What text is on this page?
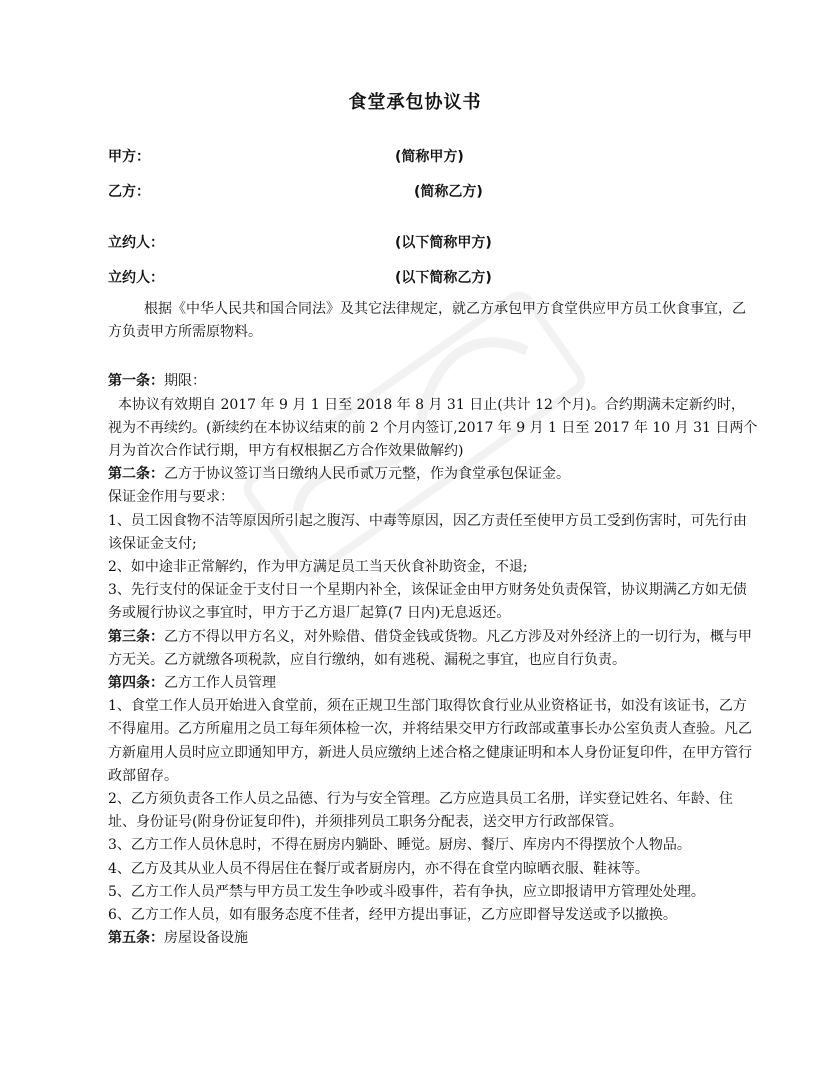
食堂承包协议书
甲方：	(简称甲方)
乙方：	(简称乙方)
立约人：	(以下简称甲方)
立约人：	(以下简称乙方)

根据《中华人民共和国合同法》及其它法律规定，就乙方承包甲方食堂供应甲方员工伙食事宜，乙方负责甲方所需原物料。

第一条：期限：

本协议有效期自 2017 年 9 月 1 日至 2018 年 8 月 31 日止(共计 12 个月)。合约期满未定新约时，视为不再续约。(新续约在本协议结束的前 2 个月内签订,2017 年 9 月 1 日至 2017 年 10 月 31 日两个月为首次合作试行期，甲方有权根据乙方合作效果做解约)

第二条：乙方于协议签订当日缴纳人民币贰万元整，作为食堂承包保证金。

保证金作用与要求：

1、员工因食物不洁等原因所引起之腹泻、中毒等原因，因乙方责任至使甲方员工受到伤害时，可先行由该保证金支付;

2、如中途非正常解约，作为甲方满足员工当天伙食补助资金，不退;

3、先行支付的保证金于支付日一个星期内补全，该保证金由甲方财务处负责保管，协议期满乙方如无债务或履行协议之事宜时，甲方于乙方退厂起算(7 日内)无息返还。

第三条：乙方不得以甲方名义，对外赊借、借贷金钱或货物。凡乙方涉及对外经济上的一切行为，概与甲方无关。乙方就缴各项税款，应自行缴纳，如有逃税、漏税之事宜，也应自行负责。

第四条：乙方工作人员管理

1、食堂工作人员开始进入食堂前，须在正规卫生部门取得饮食行业从业资格证书，如没有该证书，乙方不得雇用。乙方所雇用之员工每年须体检一次，并将结果交甲方行政部或董事长办公室负责人查验。凡乙方新雇用人员时应立即通知甲方，新进人员应缴纳上述合格之健康证明和本人身份证复印件，在甲方管行政部留存。

2、乙方须负责各工作人员之品德、行为与安全管理。乙方应造具员工名册，详实登记姓名、年龄、住址、身份证号(附身份证复印件)，并须排列员工职务分配表，送交甲方行政部保管。

3、乙方工作人员休息时，不得在厨房内躺卧、睡觉。厨房、餐厅、库房内不得摆放个人物品。

4、乙方及其从业人员不得居住在餐厅或者厨房内，亦不得在食堂内晾晒衣服、鞋袜等。

5、乙方工作人员严禁与甲方员工发生争吵或斗殴事件，若有争执，应立即报请甲方管理处处理。

6、乙方工作人员，如有服务态度不佳者，经甲方提出事证，乙方应即督导发送或予以撤换。

第五条：房屋设备设施
